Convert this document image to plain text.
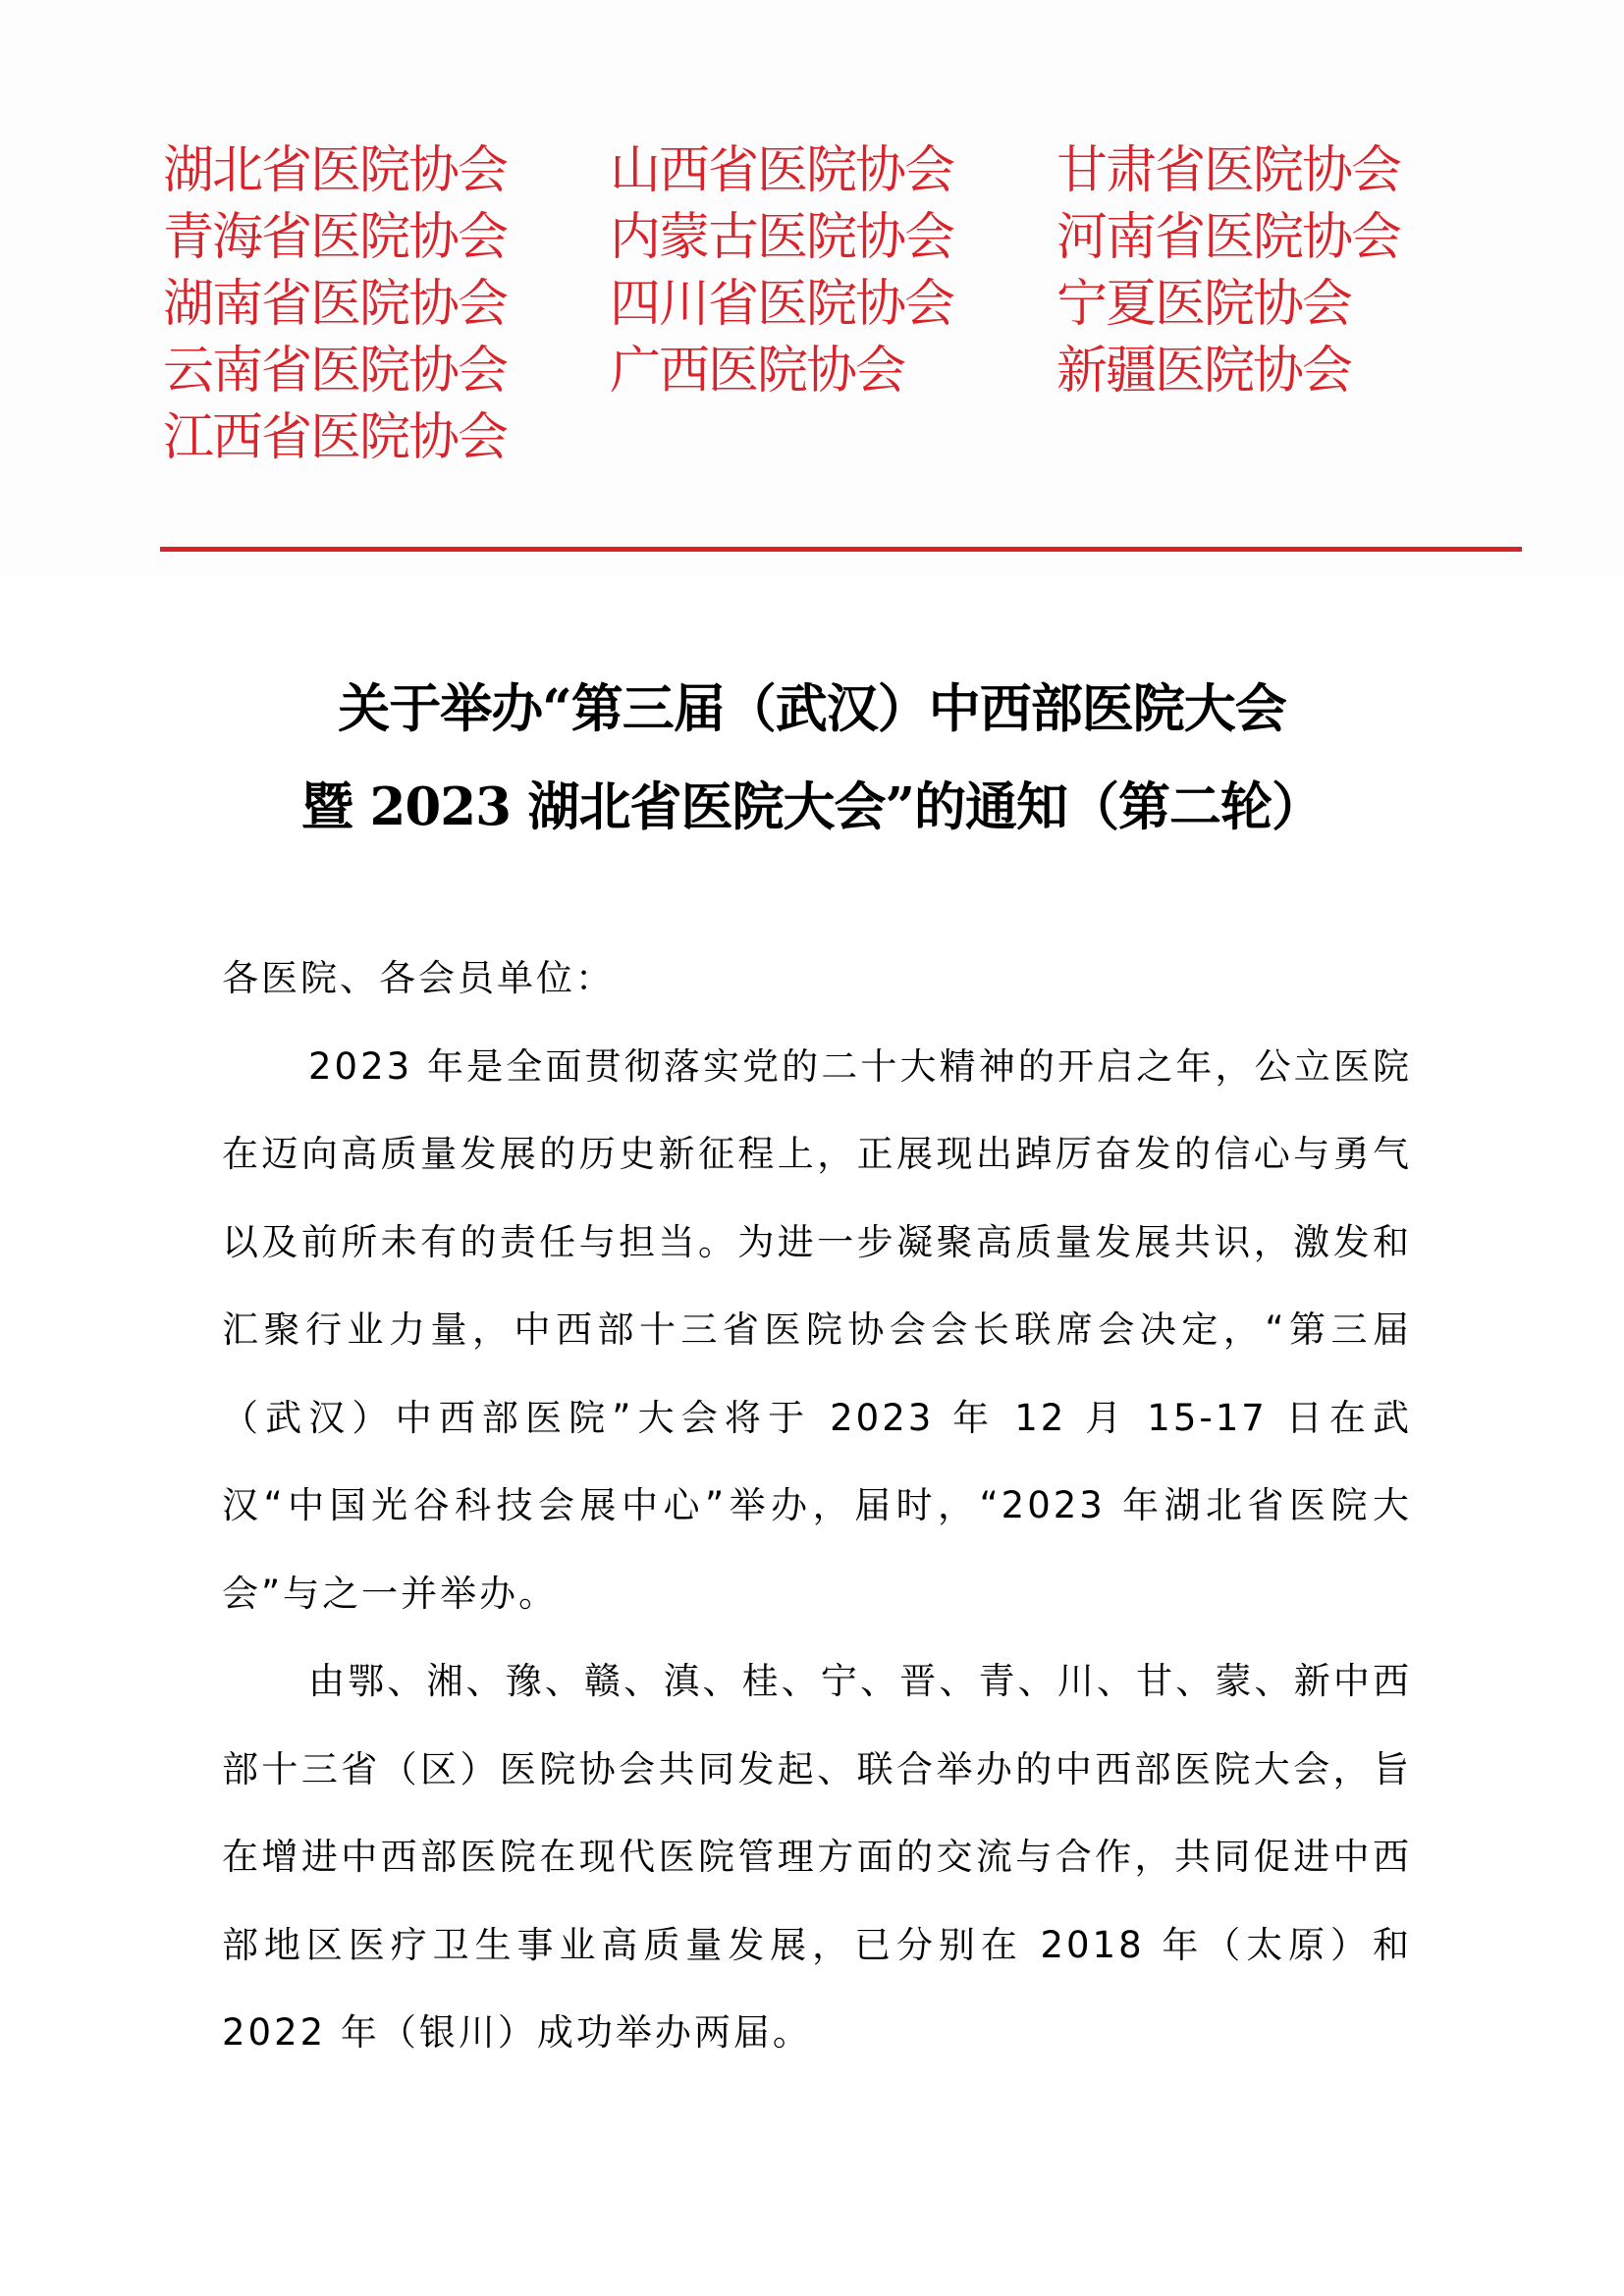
湖北省医院协会	山西省医院协会	甘肃省医院协会
青海省医院协会	内蒙古医院协会	河南省医院协会
湖南省医院协会	四川省医院协会	宁夏医院协会
云南省医院协会	广西医院协会	新疆医院协会
江西省医院协会
关于举办“第三届（武汉）中西部医院大会
暨 2023 湖北省医院大会”的通知（第二轮）

各医院、各会员单位：

2023 年是全面贯彻落实党的二十大精神的开启之年，公立医院在迈向高质量发展的历史新征程上，正展现出踔厉奋发的信心与勇气以及前所未有的责任与担当。为进一步凝聚高质量发展共识，激发和汇聚行业力量，中西部十三省医院协会会长联席会决定，“第三届（武汉）中西部医院”大会将于 2023 年 12 月 15-17 日在武汉“中国光谷科技会展中心”举办，届时，“2023 年湖北省医院大会”与之一并举办。

由鄂、湘、豫、赣、滇、桂、宁、晋、青、川、甘、蒙、新中西部十三省（区）医院协会共同发起、联合举办的中西部医院大会，旨在增进中西部医院在现代医院管理方面的交流与合作，共同促进中西部地区医疗卫生事业高质量发展，已分别在 2018 年（太原）和 2022 年（银川）成功举办两届。
